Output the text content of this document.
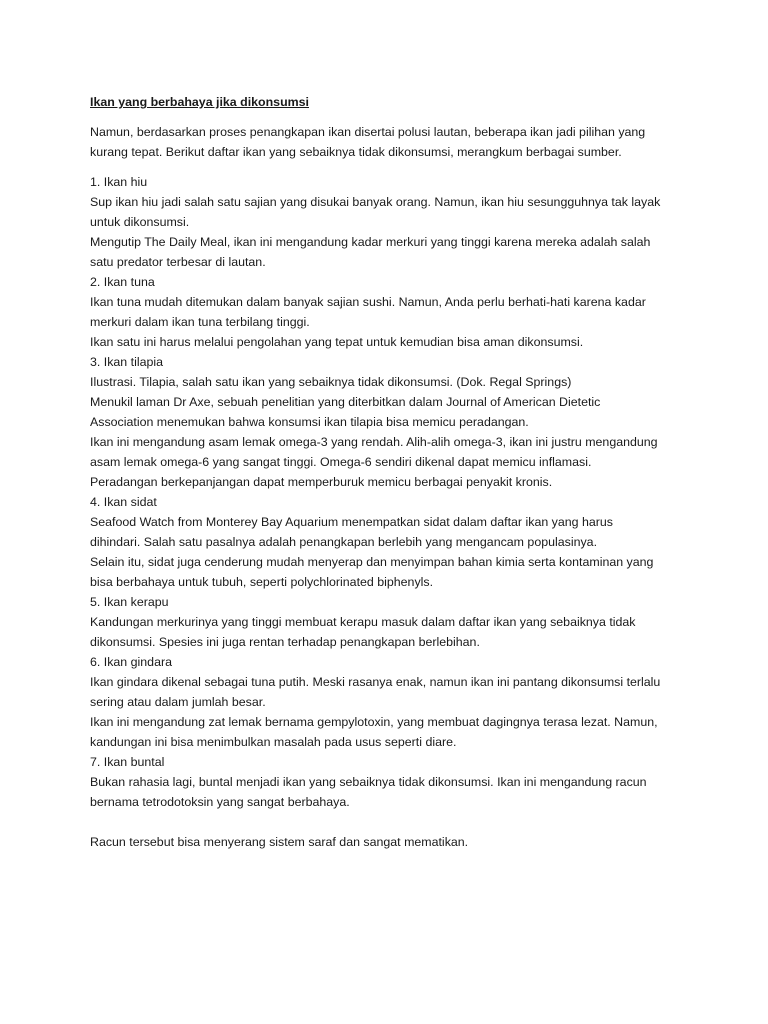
Ikan yang berbahaya jika dikonsumsi
Namun, berdasarkan proses penangkapan ikan disertai polusi lautan, beberapa ikan jadi pilihan yang
kurang tepat. Berikut daftar ikan yang sebaiknya tidak dikonsumsi, merangkum berbagai sumber.
1. Ikan hiu
Sup ikan hiu jadi salah satu sajian yang disukai banyak orang. Namun, ikan hiu sesungguhnya tak layak
untuk dikonsumsi.
Mengutip The Daily Meal, ikan ini mengandung kadar merkuri yang tinggi karena mereka adalah salah
satu predator terbesar di lautan.
2. Ikan tuna
Ikan tuna mudah ditemukan dalam banyak sajian sushi. Namun, Anda perlu berhati-hati karena kadar
merkuri dalam ikan tuna terbilang tinggi.
Ikan satu ini harus melalui pengolahan yang tepat untuk kemudian bisa aman dikonsumsi.
3. Ikan tilapia
Ilustrasi. Tilapia, salah satu ikan yang sebaiknya tidak dikonsumsi. (Dok. Regal Springs)
Menukil laman Dr Axe, sebuah penelitian yang diterbitkan dalam Journal of American Dietetic
Association menemukan bahwa konsumsi ikan tilapia bisa memicu peradangan.
Ikan ini mengandung asam lemak omega-3 yang rendah. Alih-alih omega-3, ikan ini justru mengandung
asam lemak omega-6 yang sangat tinggi. Omega-6 sendiri dikenal dapat memicu inflamasi.
Peradangan berkepanjangan dapat memperburuk memicu berbagai penyakit kronis.
4. Ikan sidat
Seafood Watch from Monterey Bay Aquarium menempatkan sidat dalam daftar ikan yang harus
dihindari. Salah satu pasalnya adalah penangkapan berlebih yang mengancam populasinya.
Selain itu, sidat juga cenderung mudah menyerap dan menyimpan bahan kimia serta kontaminan yang
bisa berbahaya untuk tubuh, seperti polychlorinated biphenyls.
5. Ikan kerapu
Kandungan merkurinya yang tinggi membuat kerapu masuk dalam daftar ikan yang sebaiknya tidak
dikonsumsi. Spesies ini juga rentan terhadap penangkapan berlebihan.
6. Ikan gindara
Ikan gindara dikenal sebagai tuna putih. Meski rasanya enak, namun ikan ini pantang dikonsumsi terlalu
sering atau dalam jumlah besar.
Ikan ini mengandung zat lemak bernama gempylotoxin, yang membuat dagingnya terasa lezat. Namun,
kandungan ini bisa menimbulkan masalah pada usus seperti diare.
7. Ikan buntal
Bukan rahasia lagi, buntal menjadi ikan yang sebaiknya tidak dikonsumsi. Ikan ini mengandung racun
bernama tetrodotoksin yang sangat berbahaya.
Racun tersebut bisa menyerang sistem saraf dan sangat mematikan.
